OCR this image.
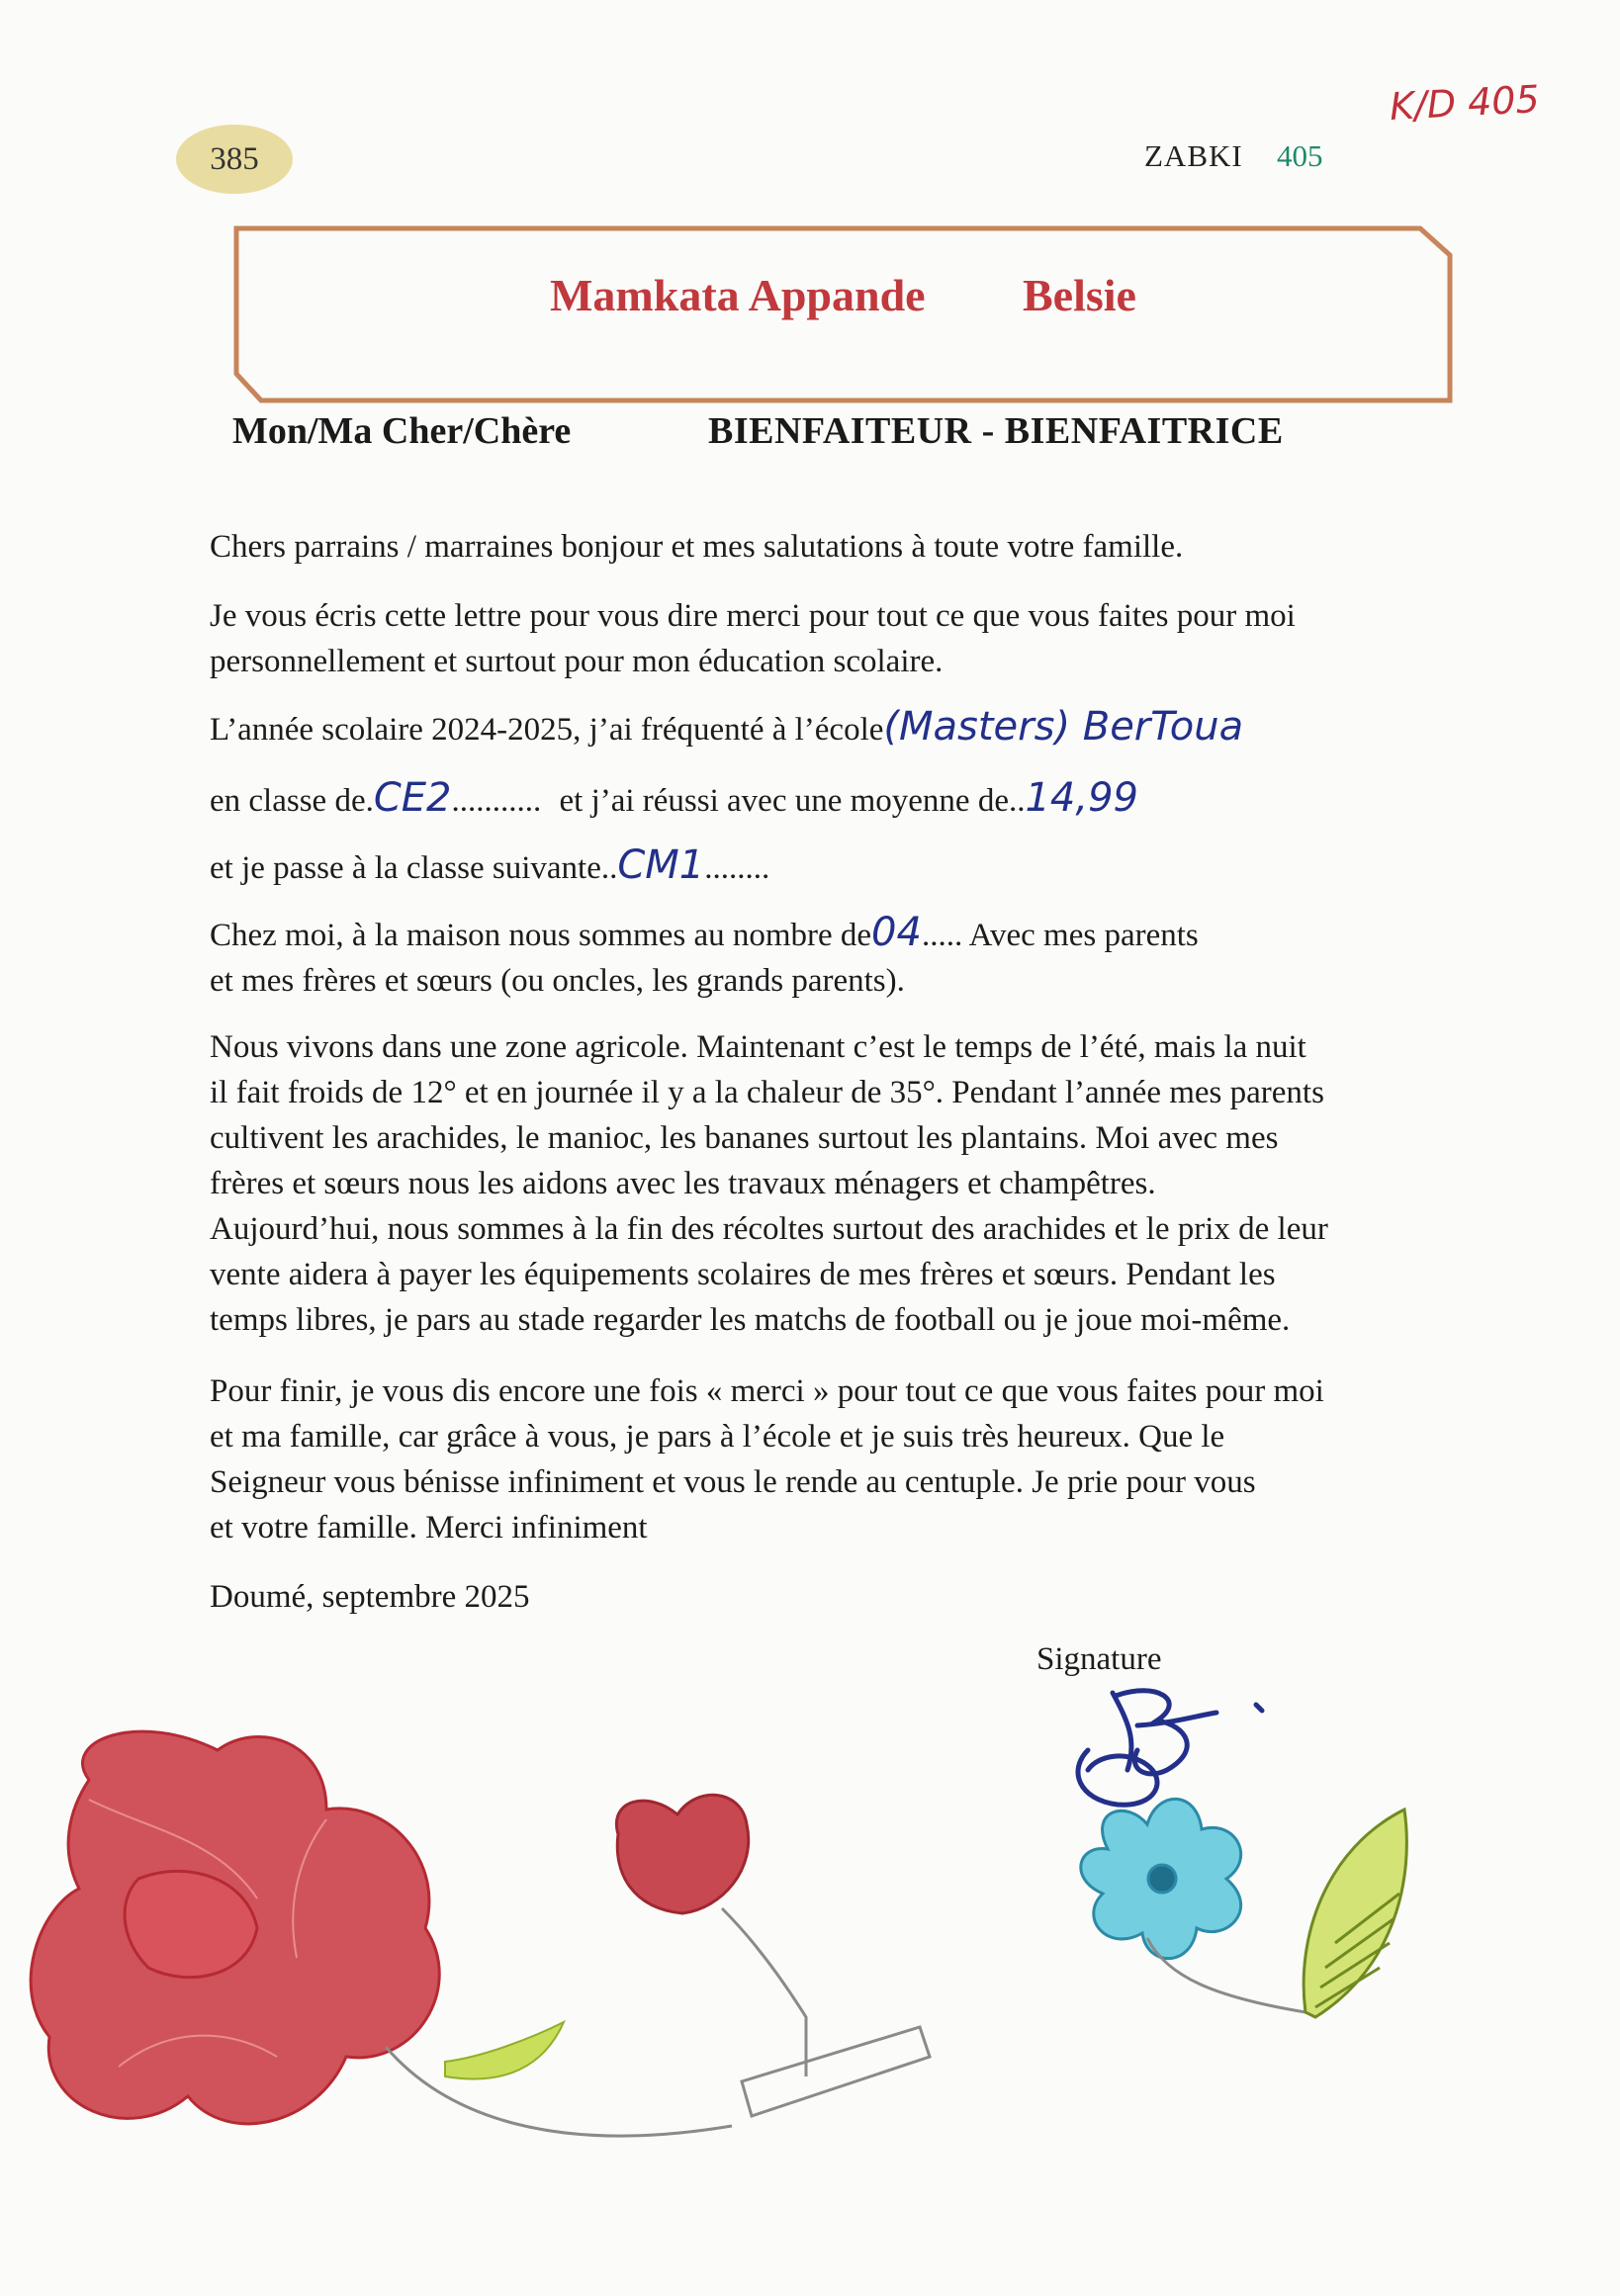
385	ZABKI 405
K/D 405
Mamkata Appande Belsie
Mon/Ma Cher/Chère	BIENFAITEUR - BIENFAITRICE

Chers parrains / marraines bonjour et mes salutations à toute votre famille.

Je vous écris cette lettre pour vous dire merci pour tout ce que vous faites pour moi

personnellement et surtout pour mon éducation scolaire.

L’année scolaire 2024-2025, j’ai fréquenté à l’école(Masters) BerToua

en classe de.CE2........... et j’ai réussi avec une moyenne de..14,99

et je passe à la classe suivante..CM1........

Chez moi, à la maison nous sommes au nombre de04..... Avec mes parents

et mes frères et sœurs (ou oncles, les grands parents).

Nous vivons dans une zone agricole. Maintenant c’est le temps de l’été, mais la nuit

il fait froids de 12° et en journée il y a la chaleur de 35°. Pendant l’année mes parents

cultivent les arachides, le manioc, les bananes surtout les plantains. Moi avec mes

frères et sœurs nous les aidons avec les travaux ménagers et champêtres.

Aujourd’hui, nous sommes à la fin des récoltes surtout des arachides et le prix de leur

vente aidera à payer les équipements scolaires de mes frères et sœurs. Pendant les

temps libres, je pars au stade regarder les matchs de football ou je joue moi-même.

Pour finir, je vous dis encore une fois « merci » pour tout ce que vous faites pour moi

et ma famille, car grâce à vous, je pars à l’école et je suis très heureux. Que le

Seigneur vous bénisse infiniment et vous le rende au centuple. Je prie pour vous

et votre famille. Merci infiniment

Doumé, septembre 2025

Signature
